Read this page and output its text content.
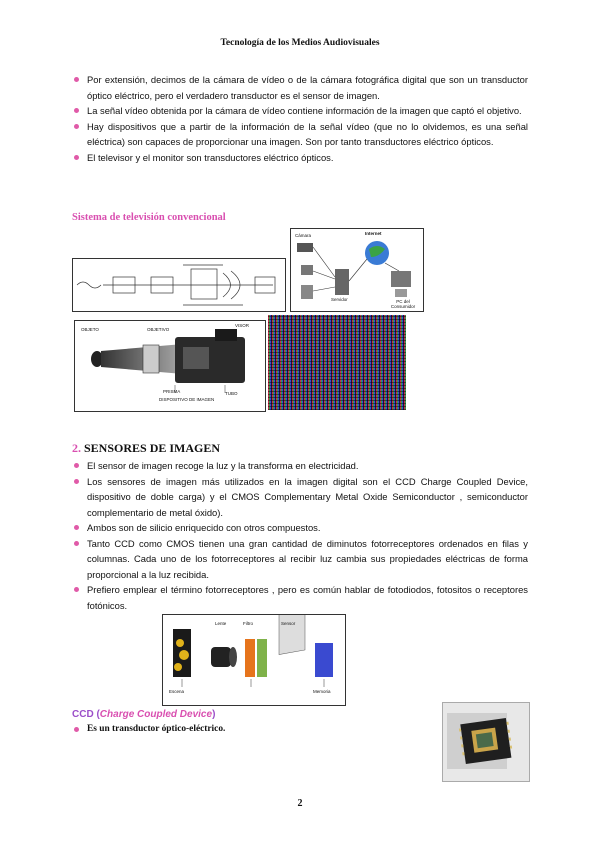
Tecnología de los Medios Audiovisuales
Por extensión, decimos de la cámara de vídeo o de la cámara fotográfica digital que son un transductor óptico eléctrico, pero el verdadero transductor es el sensor de imagen.
La señal vídeo obtenida por la cámara de vídeo contiene información de la imagen que captó el objetivo.
Hay dispositivos que a partir de la información de la señal vídeo (que no lo olvidemos, es una señal eléctrica) son capaces de proporcionar una imagen. Son por tanto transductores eléctrico ópticos.
El televisor y el monitor son transductores eléctrico ópticos.
Sistema de televisión convencional
Cámara	Internet
Servidor	PC del Consumidor
OBJETO	OBJETIVO
VISOR
PRISMA
DISPOSITIVO DE IMAGEN
TUBO
2. SENSORES DE IMAGEN
El sensor de imagen recoge la luz y la transforma en electricidad.
Los sensores de imagen más utilizados en la imagen digital son el CCD Charge Coupled Device, dispositivo de doble carga) y el CMOS Complementary Metal Oxide Semiconductor , semiconductor complementario de metal óxido).
Ambos son de silicio enriquecido con otros compuestos.
Tanto CCD como CMOS tienen una gran cantidad de diminutos fotorreceptores ordenados en filas y columnas. Cada uno de los fotorreceptores al recibir luz cambia sus propiedades eléctricas de forma proporcional a la luz recibida.
Prefiero emplear el término fotorreceptores , pero es común hablar de fotodiodos, fotositos o receptores fotónicos.
Escena
Lente	Filtro	Sensor
Memoria
CCD (Charge Coupled Device)
Es un transductor óptico-eléctrico.
2
